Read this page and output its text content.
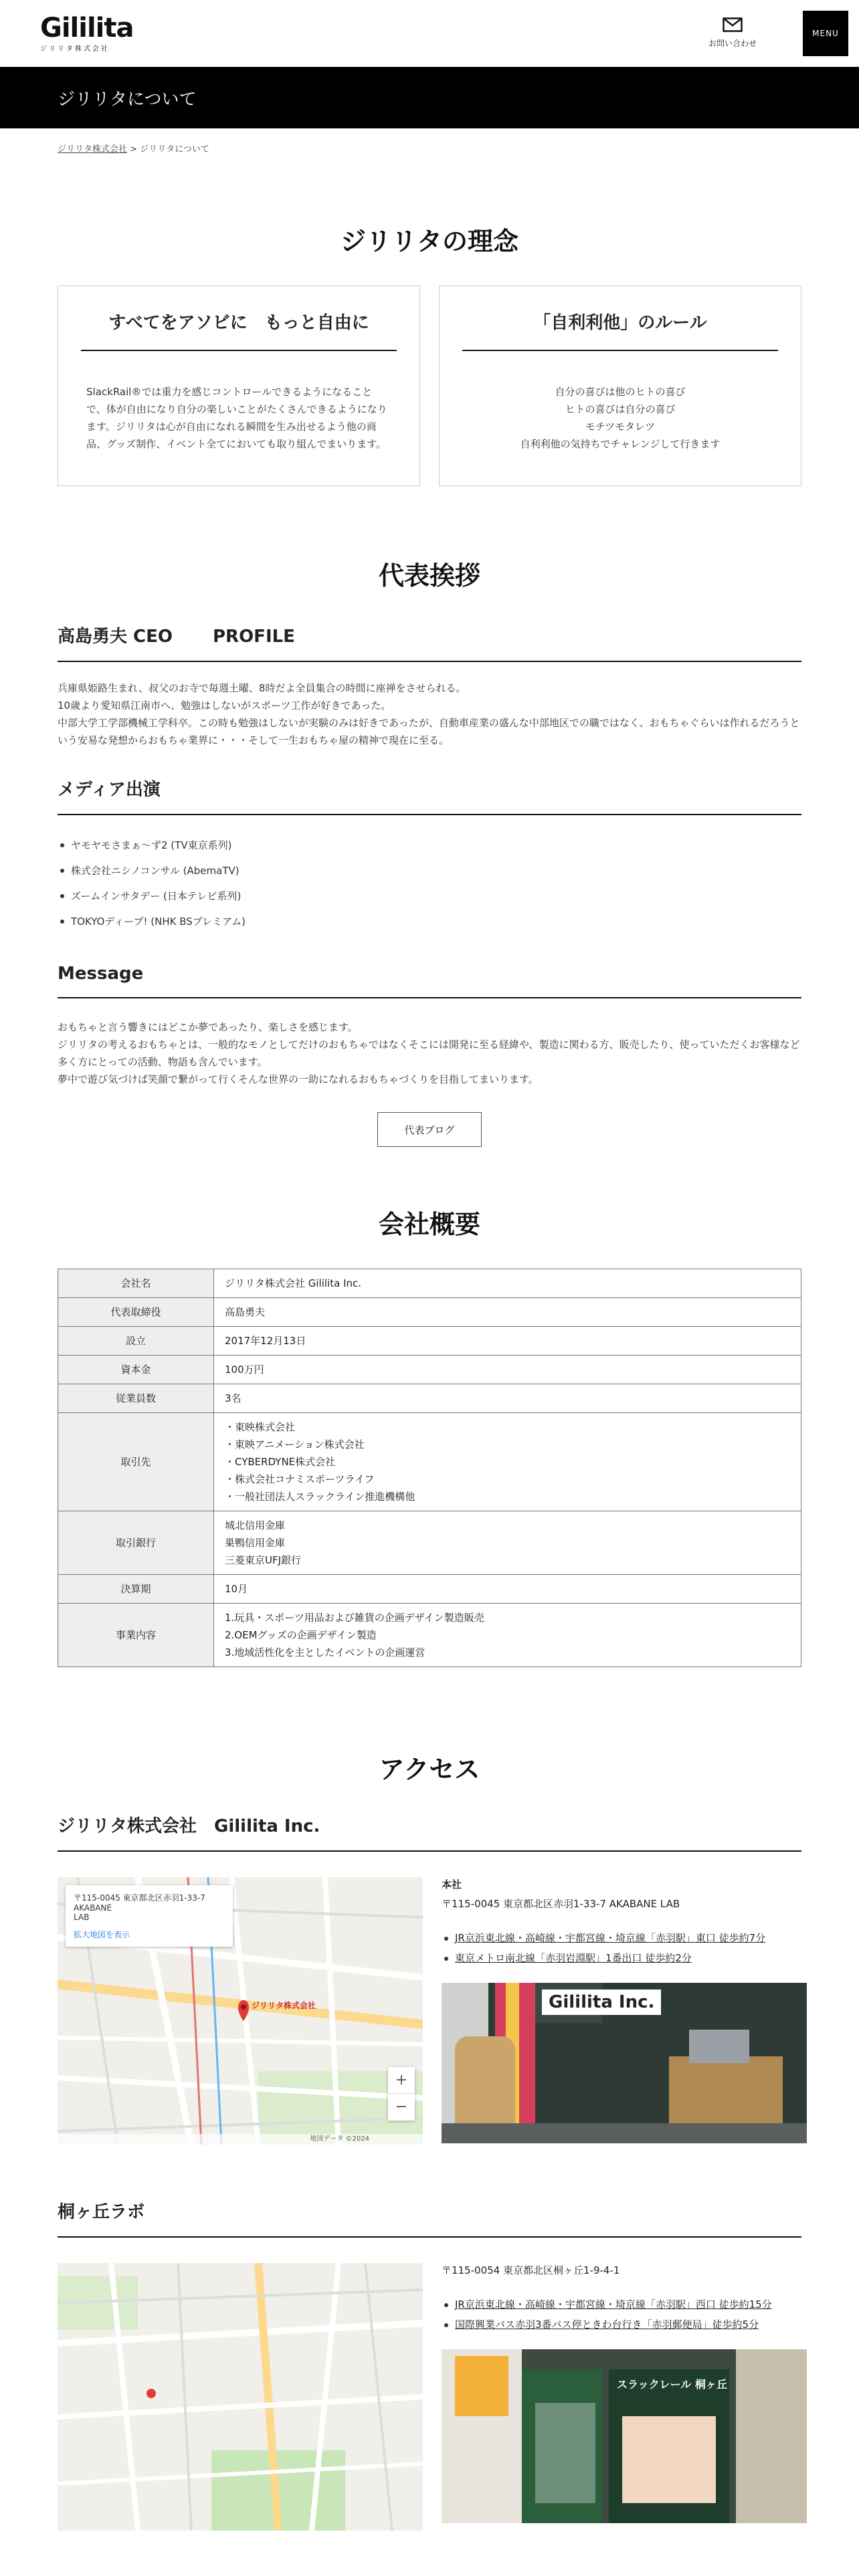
Gililita
ジリリタ株式会社
お問い合わせ
MENU
ジリリタについて
ジリリタ株式会社 > ジリリタについて
ジリリタの理念
すべてをアソビに　もっと自由に

SlackRail®では重力を感じコントロールできるようになることで、体が自由になり自分の楽しいことがたくさんできるようになります。ジリリタは心が自由になれる瞬間を生み出せるよう他の商品、グッズ制作、イベント全てにおいても取り組んでまいります。

「自利利他」のルール

自分の喜びは他のヒトの喜び
ヒトの喜びは自分の喜び
モチツモタレツ
自利利他の気持ちでチャレンジして行きます

代表挨拶
高島勇夫 CEO PROFILE

兵庫県姫路生まれ、叔父のお寺で毎週土曜、8時だよ全員集合の時間に座禅をさせられる。
10歳より愛知県江南市へ、勉強はしないがスポーツ工作が好きであった。
中部大学工学部機械工学科卒。この時も勉強はしないが実験のみは好きであったが、自動車産業の盛んな中部地区での職ではなく、おもちゃぐらいは作れるだろうという安易な発想からおもちゃ業界に・・・そして一生おもちゃ屋の精神で現在に至る。

メディア出演
ヤモヤモさまぁ〜ず2 (TV東京系列)
株式会社ニシノコンサル (AbemaTV)
ズームインサタデー (日本テレビ系列)
TOKYOディープ! (NHK BSプレミアム)
Message

おもちゃと言う響きにはどこか夢であったり、楽しさを感じます。
ジリリタの考えるおもちゃとは、一般的なモノとしてだけのおもちゃではなくそこには開発に至る経緯や、製造に関わる方、販売したり、使っていただくお客様など多く方にとっての活動、物語も含んでいます。
夢中で遊び気づけば笑顔で繋がって行くそんな世界の一助になれるおもちゃづくりを目指してまいります。

代表ブログ
会社概要
会社名	ジリリタ株式会社 Gililita Inc.
代表取締役	高島勇夫
設立	2017年12月13日
資本金	100万円
従業員数	3名
取引先	・東映株式会社
・東映アニメーション株式会社
・CYBERDYNE株式会社
・株式会社コナミスポーツライフ
・一般社団法人スラックライン推進機構他
取引銀行	城北信用金庫
巣鴨信用金庫
三菱東京UFJ銀行
決算期	10月
事業内容	1.玩具・スポーツ用品および雑貨の企画デザイン製造販売
2.OEMグッズの企画デザイン製造
3.地域活性化を主としたイベントの企画運営
アクセス
ジリリタ株式会社　Gililita Inc.
〒115-0045 東京都北区赤羽1-33-7 AKABANE
LAB
拡大地図を表示
ジリリタ株式会社
+
−
地図データ ©2024
本社
〒115-0045 東京都北区赤羽1-33-7 AKABANE LAB
JR京浜東北線・高崎線・宇都宮線・埼京線「赤羽駅」東口 徒歩約7分
東京メトロ南北線「赤羽岩淵駅」1番出口 徒歩約2分
Gililita Inc.
桐ヶ丘ラボ
〒115-0054 東京都北区桐ヶ丘1-9-4-1
JR京浜東北線・高崎線・宇都宮線・埼京線「赤羽駅」西口 徒歩約15分
国際興業バス赤羽3番バス停ときわ台行き「赤羽郵便局」徒歩約5分
スラックレール 桐ヶ丘
